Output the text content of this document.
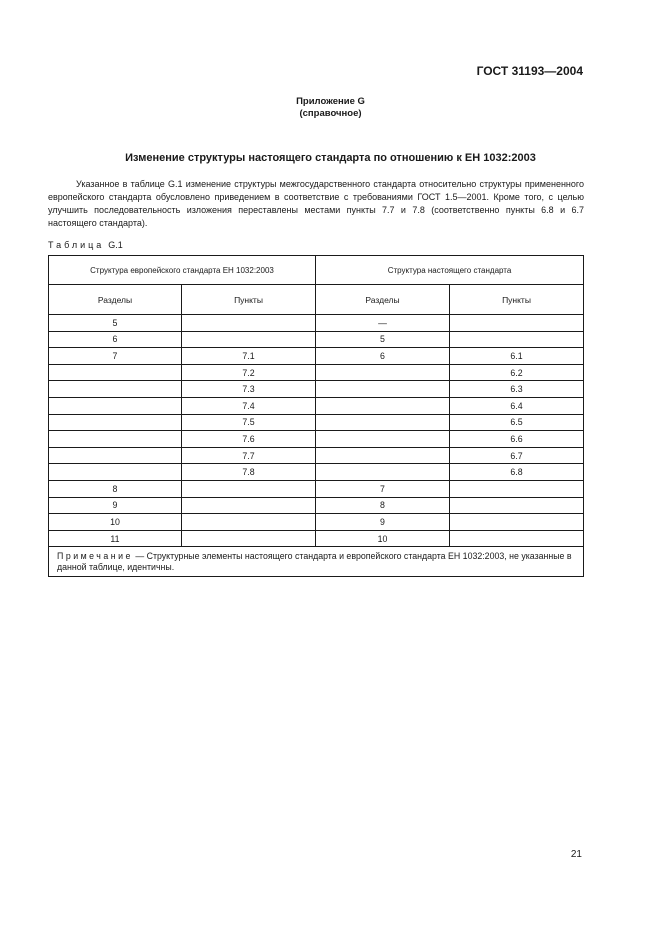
ГОСТ 31193—2004
Приложение G
(справочное)
Изменение структуры настоящего стандарта по отношению к ЕН 1032:2003

Указанное в таблице G.1 изменение структуры межгосударственного стандарта относительно структуры примененного европейского стандарта обусловлено приведением в соответствие с требованиями ГОСТ 1.5—2001. Кроме того, с целью улучшить последовательность изложения переставлены местами пункты 7.7 и 7.8 (соответственно пункты 6.8 и 6.7 настоящего стандарта).

Таблица G.1
Структура европейского стандарта ЕН 1032:2003		Структура настоящего стандарта	
Разделы	Пункты	Разделы	Пункты
5		—	
6		5	
7	7.1	6	6.1
	7.2		6.2
	7.3		6.3
	7.4		6.4
	7.5		6.5
	7.6		6.6
	7.7		6.7
	7.8		6.8
8		7	
9		8	
10		9	
11		10	
Примечание — Структурные элементы настоящего стандарта и европейского стандарта ЕН 1032:2003, не указанные в данной таблице, идентичны.			
21
